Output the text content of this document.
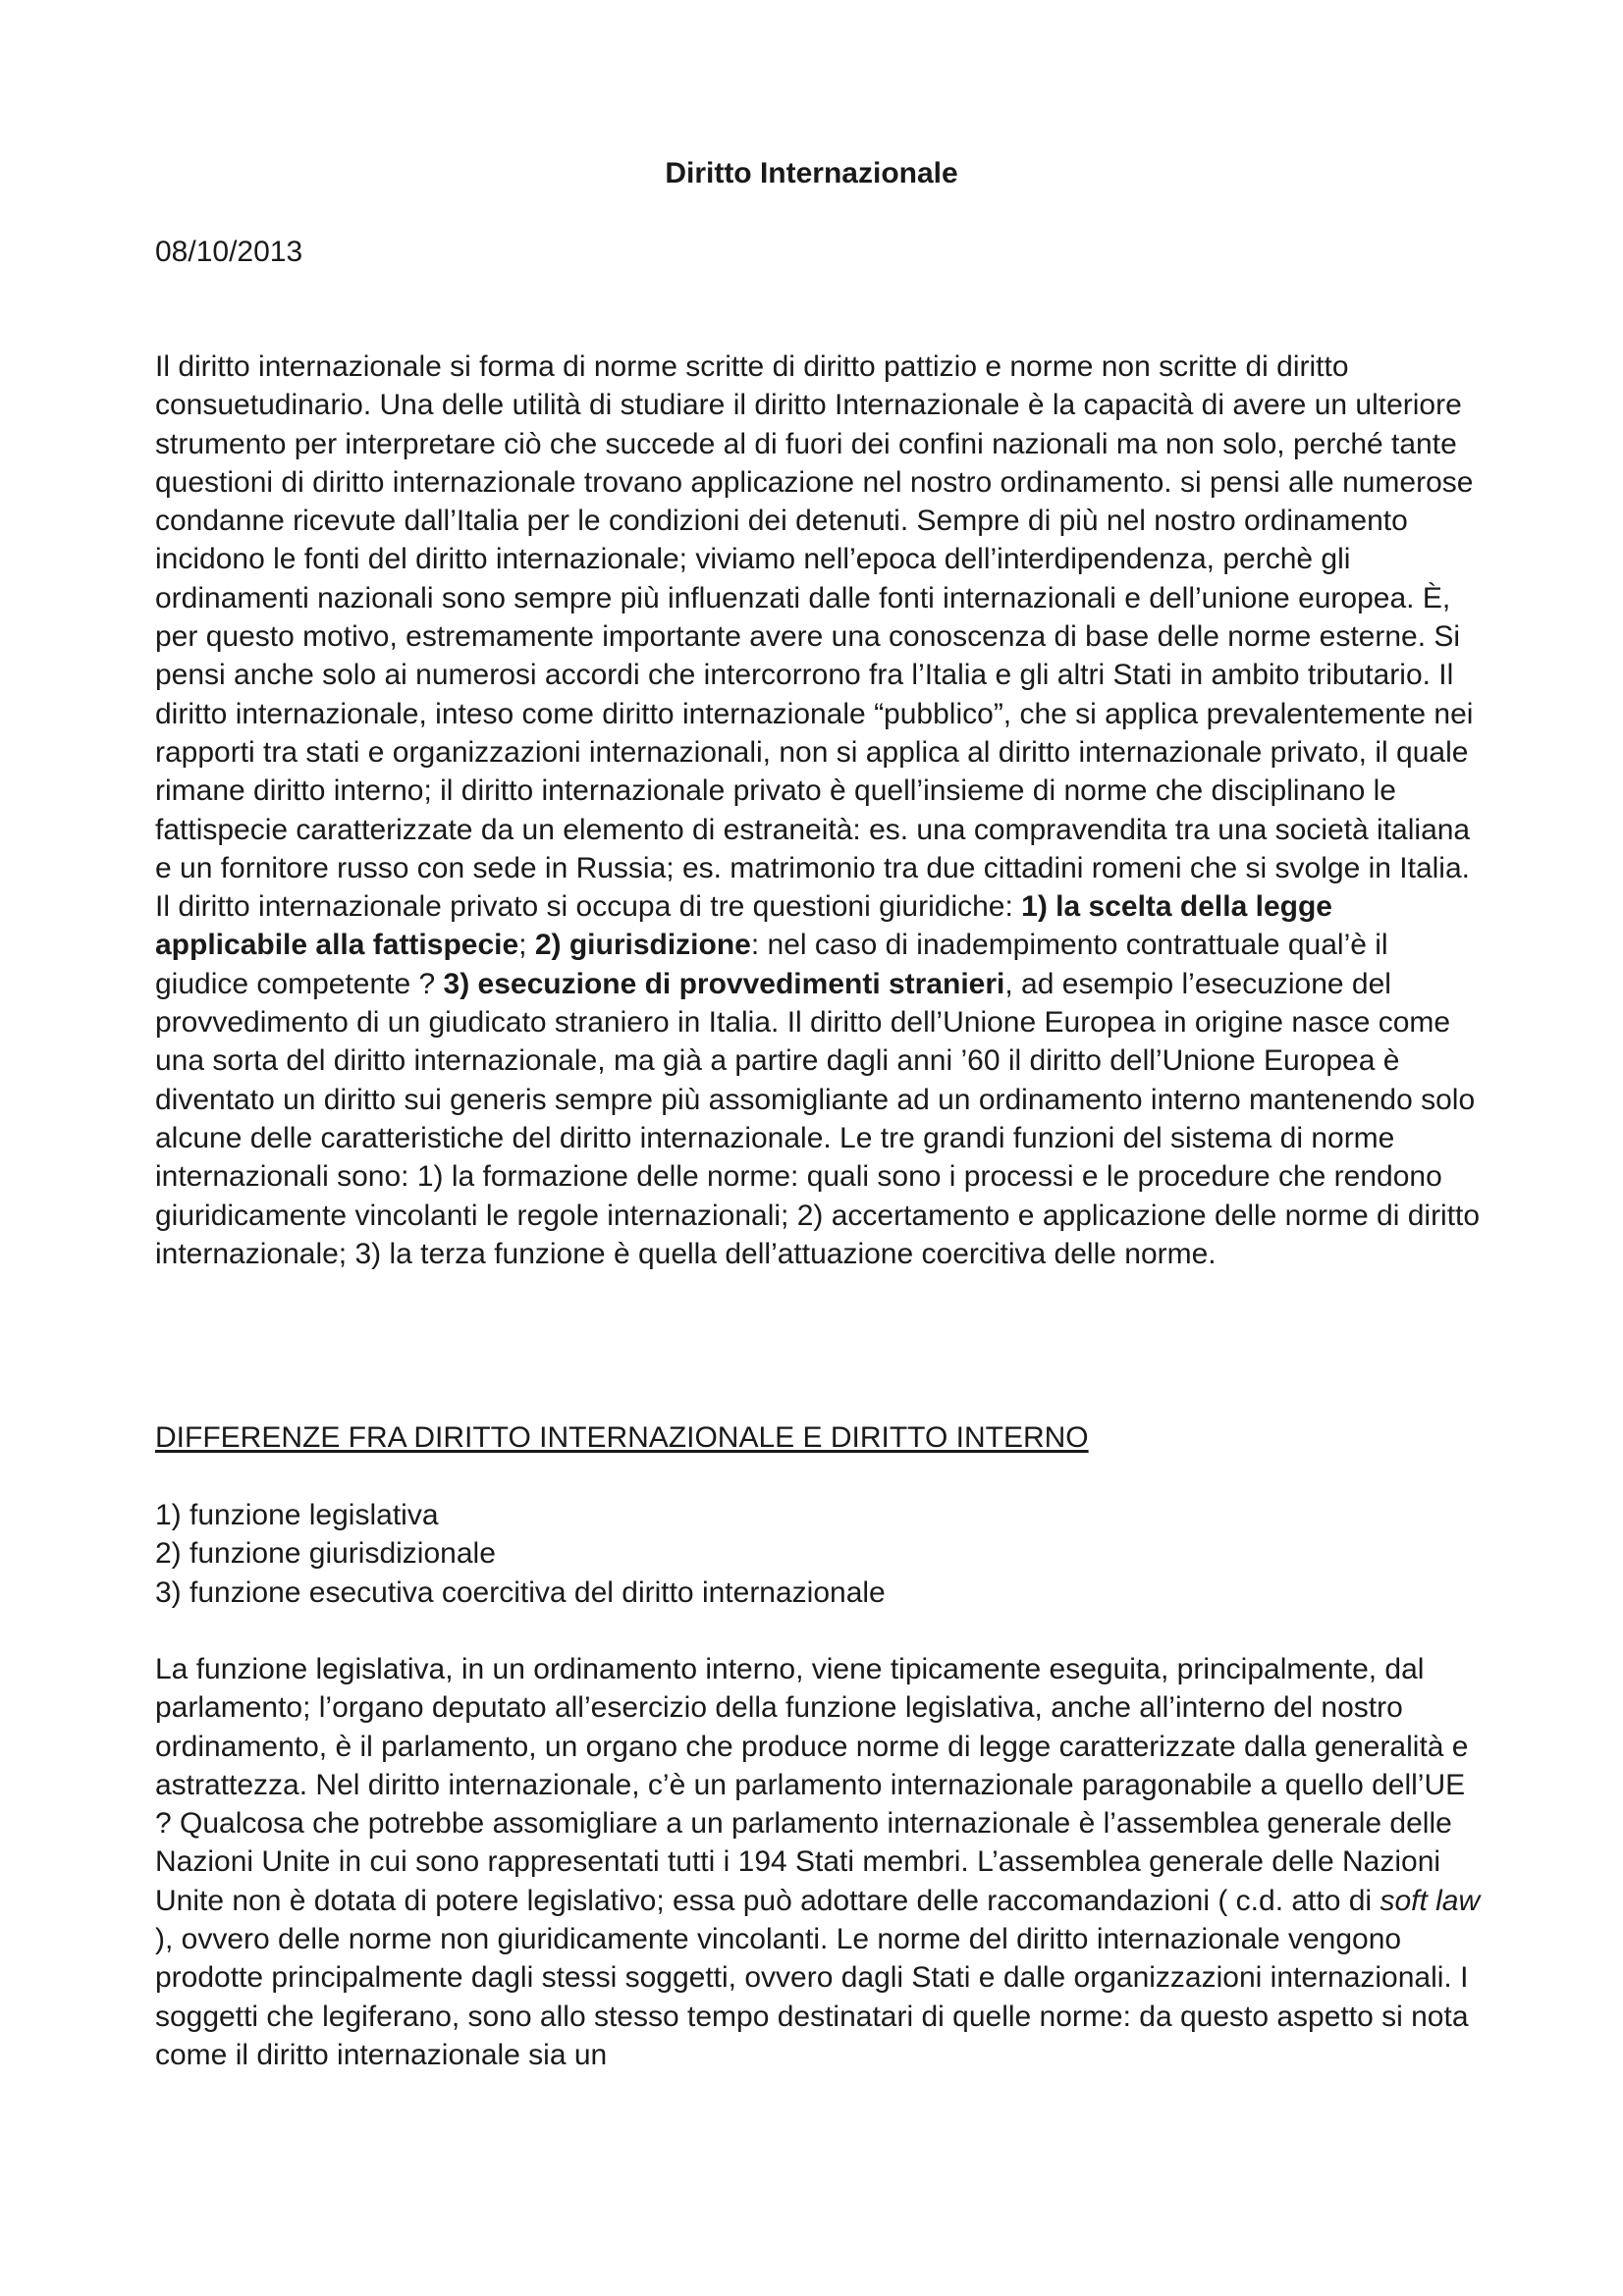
Diritto Internazionale
08/10/2013

Il diritto internazionale si forma di norme scritte di diritto pattizio e norme non scritte di diritto consuetudinario. Una delle utilità di studiare il diritto Internazionale è la capacità di avere un ulteriore strumento per interpretare ciò che succede al di fuori dei confini nazionali ma non solo, perché tante questioni di diritto internazionale trovano applicazione nel nostro ordinamento. si pensi alle numerose condanne ricevute dall’Italia per le condizioni dei detenuti. Sempre di più nel nostro ordinamento incidono le fonti del diritto internazionale; viviamo nell’epoca dell’interdipendenza, perchè gli ordinamenti nazionali sono sempre più influenzati dalle fonti internazionali e dell’unione europea. È, per questo motivo, estremamente importante avere una conoscenza di base delle norme esterne. Si pensi anche solo ai numerosi accordi che intercorrono fra l’Italia e gli altri Stati in ambito tributario. Il diritto internazionale, inteso come diritto internazionale “pubblico”, che si applica prevalentemente nei rapporti tra stati e organizzazioni internazionali, non si applica al diritto internazionale privato, il quale rimane diritto interno; il diritto internazionale privato è quell’insieme di norme che disciplinano le fattispecie caratterizzate da un elemento di estraneità: es. una compravendita tra una società italiana e un fornitore russo con sede in Russia; es. matrimonio tra due cittadini romeni che si svolge in Italia. Il diritto internazionale privato si occupa di tre questioni giuridiche: 1) la scelta della legge applicabile alla fattispecie; 2) giurisdizione: nel caso di inadempimento contrattuale qual’è il giudice competente ? 3) esecuzione di provvedimenti stranieri, ad esempio l’esecuzione del provvedimento di un giudicato straniero in Italia. Il diritto dell’Unione Europea in origine nasce come una sorta del diritto internazionale, ma già a partire dagli anni ’60 il diritto dell’Unione Europea è diventato un diritto sui generis sempre più assomigliante ad un ordinamento interno mantenendo solo alcune delle caratteristiche del diritto internazionale. Le tre grandi funzioni del sistema di norme internazionali sono: 1) la formazione delle norme: quali sono i processi e le procedure che rendono giuridicamente vincolanti le regole internazionali; 2) accertamento e applicazione delle norme di diritto internazionale; 3) la terza funzione è quella dell’attuazione coercitiva delle norme.

DIFFERENZE FRA DIRITTO INTERNAZIONALE E DIRITTO INTERNO
1) funzione legislativa
2) funzione giurisdizionale
3) funzione esecutiva coercitiva del diritto internazionale

La funzione legislativa, in un ordinamento interno, viene tipicamente eseguita, principalmente, dal parlamento; l’organo deputato all’esercizio della funzione legislativa, anche all’interno del nostro ordinamento, è il parlamento, un organo che produce norme di legge caratterizzate dalla generalità e astrattezza. Nel diritto internazionale, c’è un parlamento internazionale paragonabile a quello dell’UE ? Qualcosa che potrebbe assomigliare a un parlamento internazionale è l’assemblea generale delle Nazioni Unite in cui sono rappresentati tutti i 194 Stati membri. L’assemblea generale delle Nazioni Unite non è dotata di potere legislativo; essa può adottare delle raccomandazioni ( c.d. atto di soft law ), ovvero delle norme non giuridicamente vincolanti. Le norme del diritto internazionale vengono prodotte principalmente dagli stessi soggetti, ovvero dagli Stati e dalle organizzazioni internazionali. I soggetti che legiferano, sono allo stesso tempo destinatari di quelle norme: da questo aspetto si nota come il diritto internazionale sia un
